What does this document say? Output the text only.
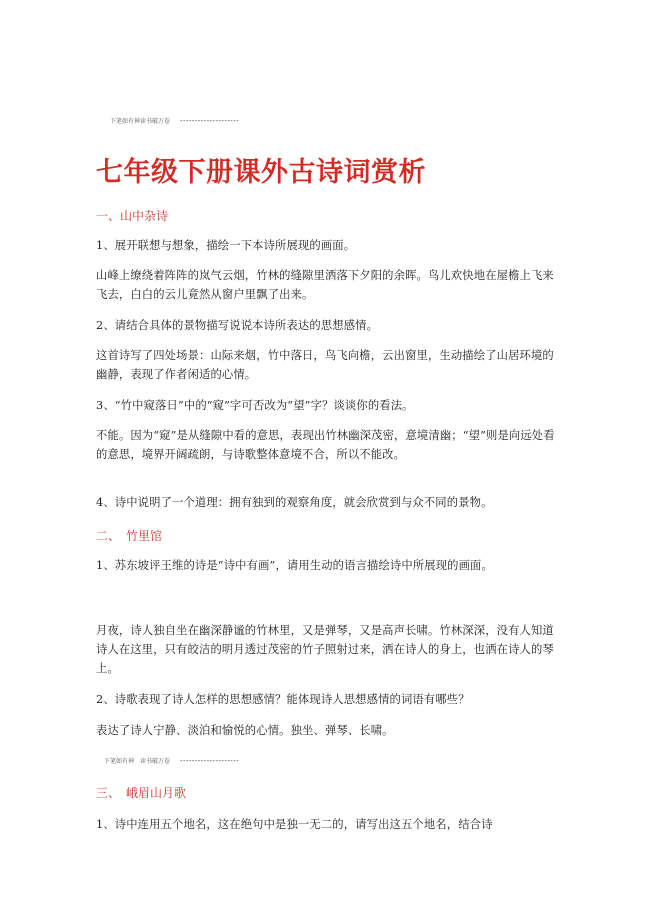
下笔如有神读书破万卷 --------------------
七年级下册课外古诗词赏析
一、山中杂诗
1、展开联想与想象，描绘一下本诗所展现的画面。
山峰上缭绕着阵阵的岚气云烟，竹林的缝隙里洒落下夕阳的余晖。鸟儿欢快地在屋檐上飞来飞去，白白的云儿竟然从窗户里飘了出来。
2、请结合具体的景物描写说说本诗所表达的思想感情。
这首诗写了四处场景：山际来烟，竹中落日，鸟飞向檐，云出窗里，生动描绘了山居环境的幽静，表现了作者闲适的心情。
3、“竹中窥落日”中的“窥”字可否改为“望”字？谈谈你的看法。
不能。因为“窥”是从缝隙中看的意思，表现出竹林幽深茂密，意境清幽；“望”则是向远处看的意思，境界开阔疏朗，与诗歌整体意境不合，所以不能改。
4、诗中说明了一个道理：拥有独到的观察角度，就会欣赏到与众不同的景物。
二、　竹里馆
1、苏东坡评王维的诗是“诗中有画”，请用生动的语言描绘诗中所展现的画面。
月夜，诗人独自坐在幽深静谧的竹林里，又是弹琴，又是高声长啸。竹林深深，没有人知道诗人在这里，只有皎洁的明月透过茂密的竹子照射过来，洒在诗人的身上，也洒在诗人的琴上。
2、诗歌表现了诗人怎样的思想感情？能体现诗人思想感情的词语有哪些？
表达了诗人宁静、淡泊和愉悦的心情。独坐、弹琴、长啸。
下笔如有神　读书破万卷 --------------------
三、　峨眉山月歌
1、诗中连用五个地名，这在绝句中是独一无二的，请写出这五个地名，结合诗
